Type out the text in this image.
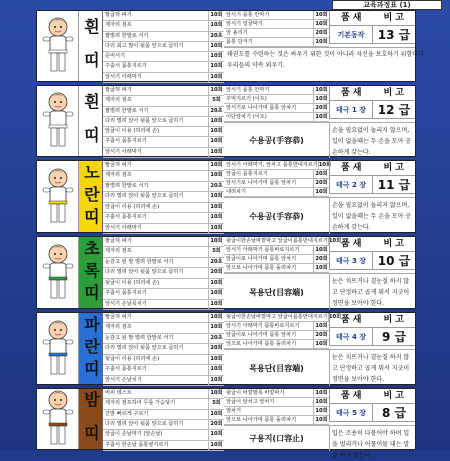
교육과정표 (1)
흰 띠
팔굽혀 펴기	10회
제자리 점프	10회
팔벌려 한발로 서기	20초
다리 최고 많이 뒷몸 앞으로 굽히기	10회
준비서기	10회
주춤서 몸통지르기	10회
앞서기 아래막기	10회
앞서기 몸통 안막기	10회
앞서기 얼굴막기	10회
앞 올리기	20회
몸통 당겨기	10회
품 새	비 고
기본동작	13 급
태권도를 수련하는 것은 싸우기 위한 것이 아니라 자신을 보호하기 위함이다.
우리들의 약속 외우기.
흰 띠
팔굽혀 펴기	10회
제자리 점프	5회
팔벌려 한발로 서기	20초
다리 벌려 앉아 뒷몸 앞으로 굽히기	10회
앞굽이 이용 (허리에 손)	10회
주춤서 몸통지르기	10회
앞서기 아래막기	10회
앞서기 몸통 안막기	10회
주먹지르기 (이트)	10회
앞서기로 나아가며 몸통 앞차기	20회
이단앞차기 (이트)	10회
품 새	비 고
태극 1 장 12 급
수용공(手容恭)
손을 필요없이 놀리지 않으며, 일이 없을때는 두 손을 모아 공손하게 갖는다.
노란띠 팔굽혀 펴기	10회
제자리 점프	10회
팔벌려 한발로 서기	20초
다리 벌려 앉아 뒷몸 앞으로 굽히기	10회
앞굽이 이용 (허리에 손)	10회
주춤서 몸통지르기	10회
앞서기 아래막기	10회
앞서기 아래막기, 앞차고 몸통반대지르기 10회
앞굽이 몸통지르기	20회
앞서기로 나아가며 몸통 앞차기	20회
내려차기	10회
품 새	비 고
태극 2 장 11 급
수용공(手容恭)
손을 필요없이 놀리지 않으며, 일이 없을때는 두 손을 모아 공손하게 갖는다.
초록띠 팔굽혀 펴기	10회
제자리 점프	5회
눈감고 왼 발 벌려 한발로 서기	20초
다리 벌려 앉아 뒷몸 앞으로 굽히기	20회
뒷굽이 이용 (허리에 손)	10회
주춤서 몸통지르기	10회
앞서기 손날목치기	10회
뒷굽이한손날바깥막고 앞굽이몸통반대지르기 10회
앞서기 아래막기 몸통바로지르기	10회
앞굽이로 나아가며 몸통 앞차기	20회
앞으로 나아가며 몸통 돌려차기	10회
품 새	비 고
태극 3 장 10 급
목용단(目容端)
눈은 치뜨거나 곁눈질 하지 않고 단정하고 곱게 뭐서 지긋이 정면을 보아야 한다.
파란띠 팔굽혀 펴기	10회
제자리 점프	10회
눈감고 왼 발 벌려 한발로 서기	20초
다리 벌려 앉아 뒷몸 앞으로 굽히기	20회
뒷굽이 이용 (허리에 손)	10회
주춤서 몸통지르기	10회
앞서기 손날치기	10회
뒷굽이한손날바깥막고 앞굽이몸통반대지르기 10회
앞서기 아래막기 몸통바로지르기	10회
앞굽이로 나아가며 몸통 앞차기	20회
앞으로 나아가며 몸통 돌려차기	10회
품 새	비 고
태극 4 장	9 급
목용단(目容端)
눈은 치뜨거나 곁눈질 하지 않고 단정하고 곱게 뭐서 지긋이 정면을 보아야 한다.
밤 띠 버피 테스트	10회
제자리 점프하여 무릎 가슴닿기	5회
잔발 빠르게 구르기	10회
다리 벌려 앉아 뒷몸 앞으로 굽히기	20회
앞굽이 손날막기 (앞손날)	10회
주춤서 한손날 몸통옆지르기	10회
뒷굽이 바깥팔목 바깥막기	10회
앞굽이 앞차고 앞차기	10회
옆차기	10회
앞으로 나아가며 몸통 돌려차기	10회
품 새	비 고
태극 5 장	8 급
구용지(口容止)
입은 조용히 다물어야 하며 입을 벌리거나 어물어물 대는 말을 하지 않는다.
